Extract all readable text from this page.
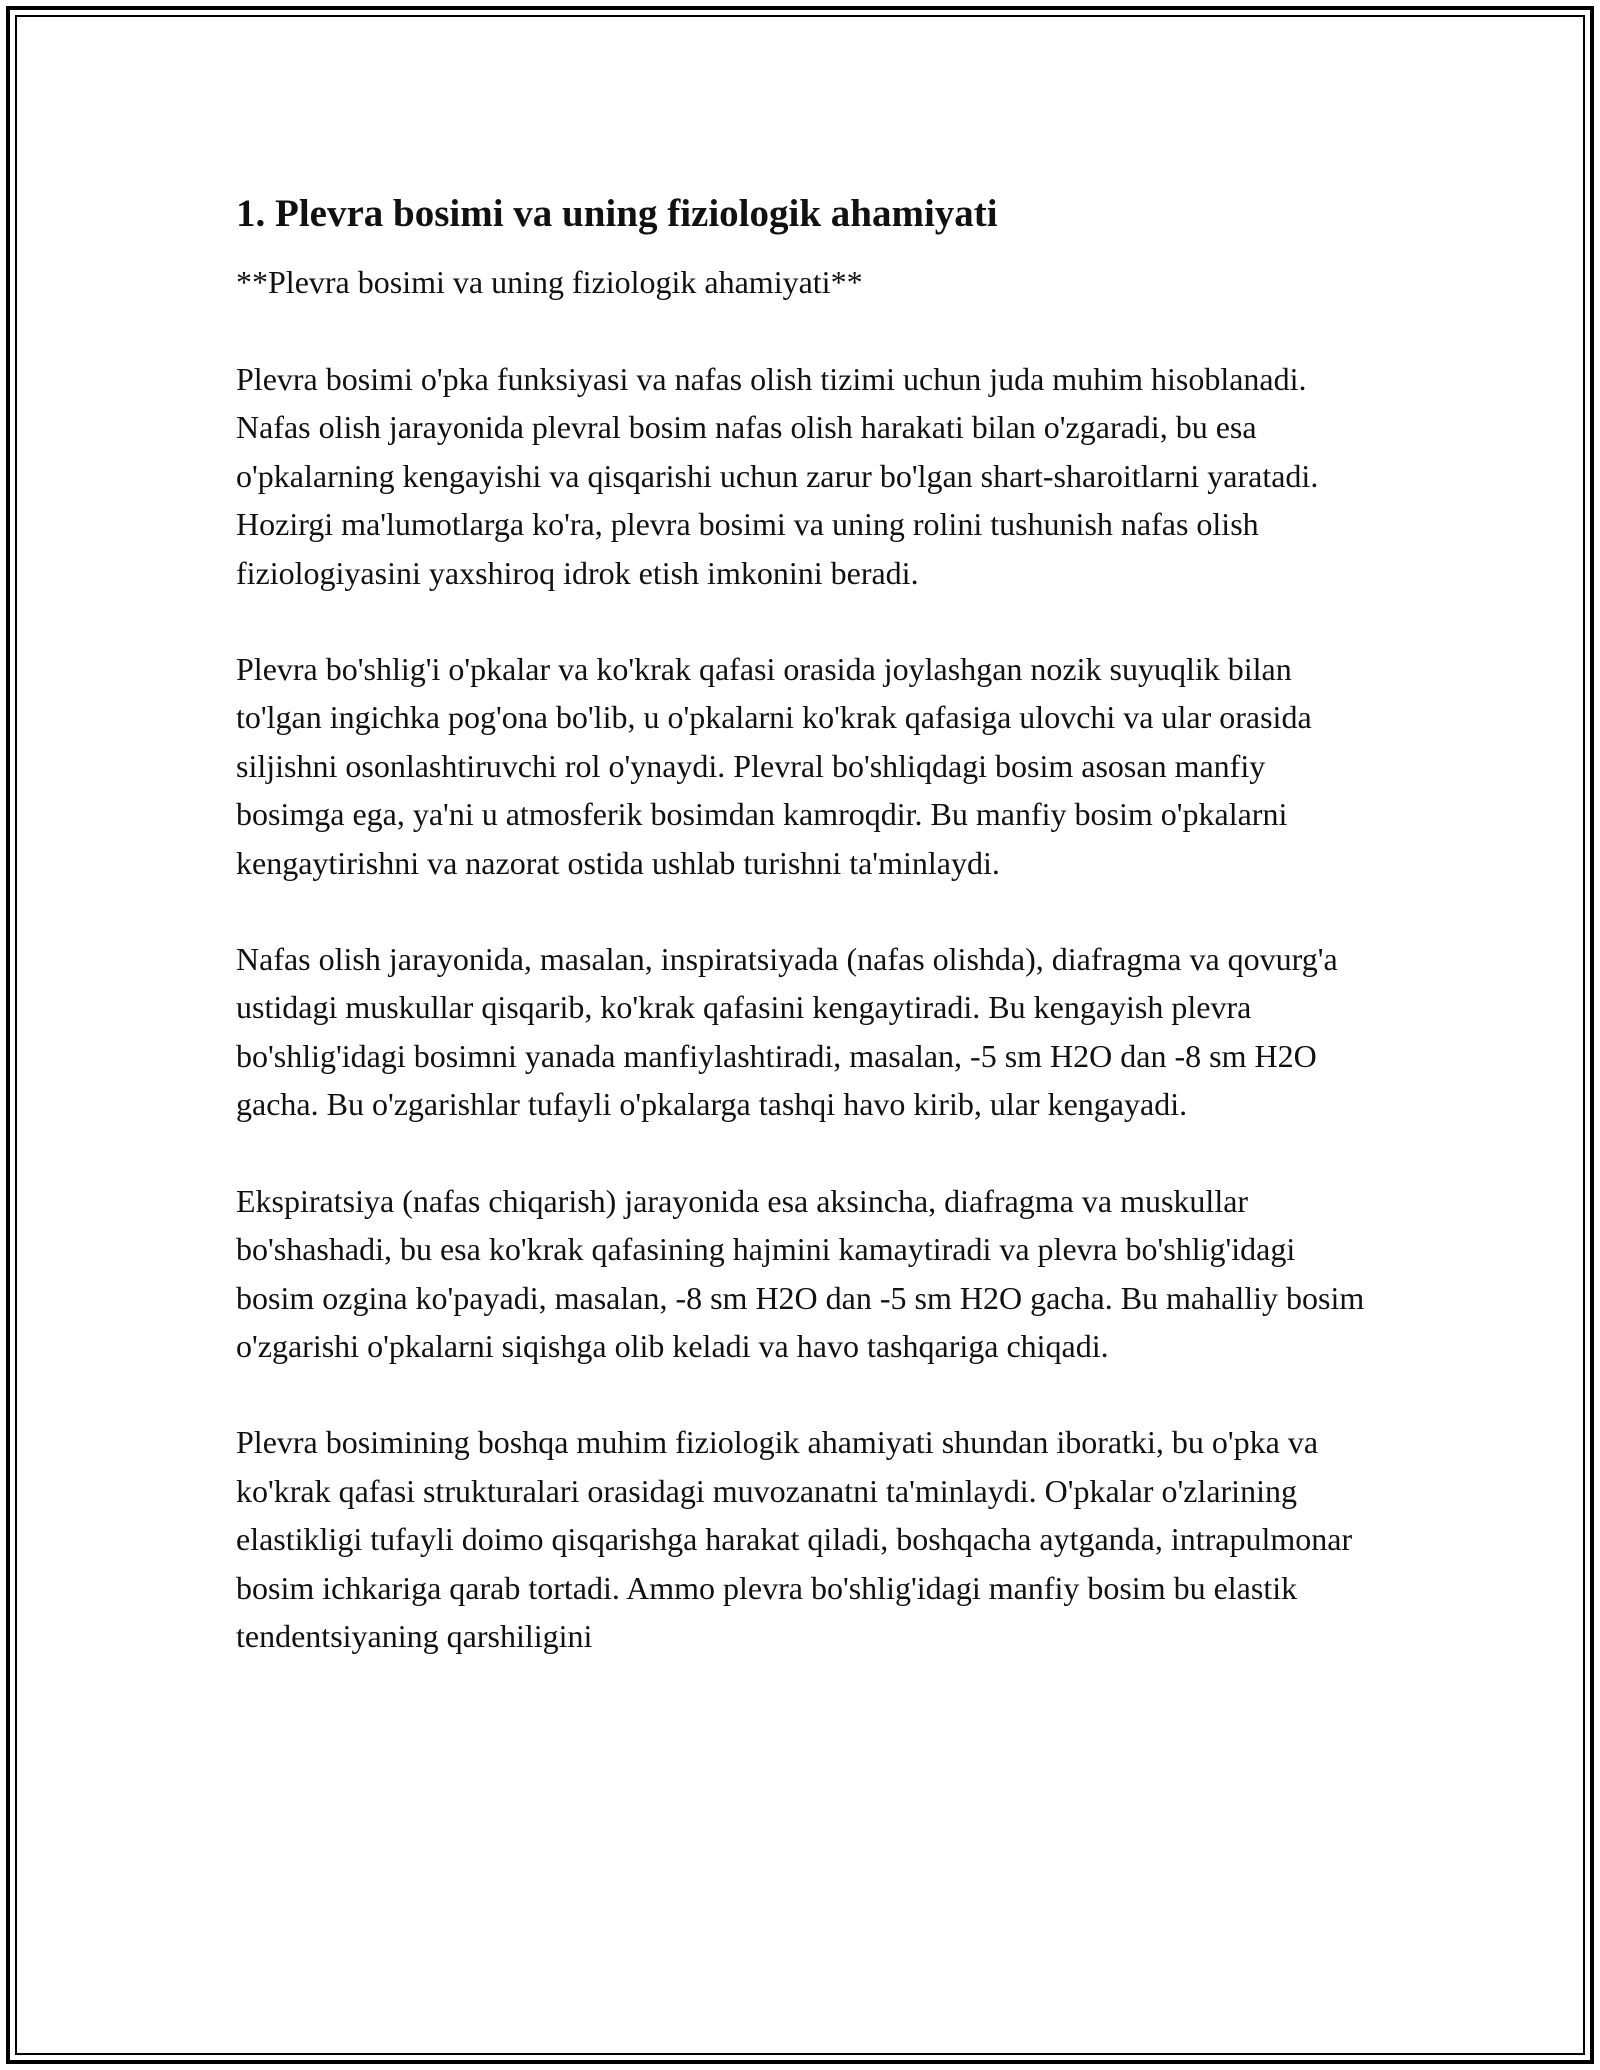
1. Plevra bosimi va uning fiziologik ahamiyati

**Plevra bosimi va uning fiziologik ahamiyati**

Plevra bosimi o'pka funksiyasi va nafas olish tizimi uchun juda muhim hisoblanadi. Nafas olish jarayonida plevral bosim nafas olish harakati bilan o'zgaradi, bu esa o'pkalarning kengayishi va qisqarishi uchun zarur bo'lgan shart-sharoitlarni yaratadi. Hozirgi ma'lumotlarga ko'ra, plevra bosimi va uning rolini tushunish nafas olish fiziologiyasini yaxshiroq idrok etish imkonini beradi.

Plevra bo'shlig'i o'pkalar va ko'krak qafasi orasida joylashgan nozik suyuqlik bilan to'lgan ingichka pog'ona bo'lib, u o'pkalarni ko'krak qafasiga ulovchi va ular orasida siljishni osonlashtiruvchi rol o'ynaydi. Plevral bo'shliqdagi bosim asosan manfiy bosimga ega, ya'ni u atmosferik bosimdan kamroqdir. Bu manfiy bosim o'pkalarni kengaytirishni va nazorat ostida ushlab turishni ta'minlaydi.

Nafas olish jarayonida, masalan, inspiratsiyada (nafas olishda), diafragma va qovurg'a ustidagi muskullar qisqarib, ko'krak qafasini kengaytiradi. Bu kengayish plevra bo'shlig'idagi bosimni yanada manfiylashtiradi, masalan, -5 sm H2O dan -8 sm H2O gacha. Bu o'zgarishlar tufayli o'pkalarga tashqi havo kirib, ular kengayadi.

Ekspiratsiya (nafas chiqarish) jarayonida esa aksincha, diafragma va muskullar bo'shashadi, bu esa ko'krak qafasining hajmini kamaytiradi va plevra bo'shlig'idagi bosim ozgina ko'payadi, masalan, -8 sm H2O dan -5 sm H2O gacha. Bu mahalliy bosim o'zgarishi o'pkalarni siqishga olib keladi va havo tashqariga chiqadi.

Plevra bosimining boshqa muhim fiziologik ahamiyati shundan iboratki, bu o'pka va ko'krak qafasi strukturalari orasidagi muvozanatni ta'minlaydi. O'pkalar o'zlarining elastikligi tufayli doimo qisqarishga harakat qiladi, boshqacha aytganda, intrapulmonar bosim ichkariga qarab tortadi. Ammo plevra bo'shlig'idagi manfiy bosim bu elastik tendentsiyaning qarshiligini
